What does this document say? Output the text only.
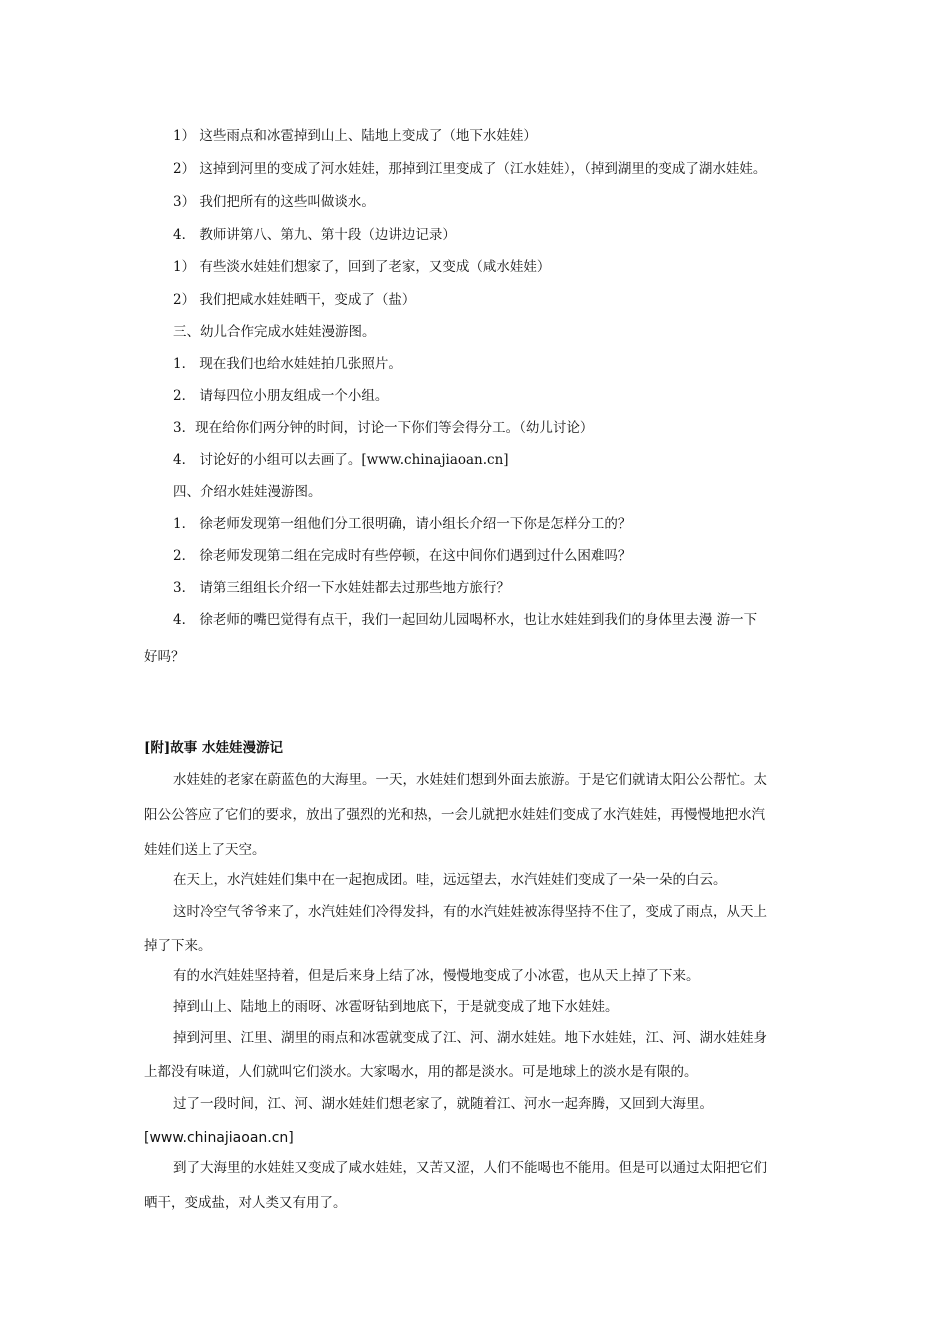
1） 这些雨点和冰雹掉到山上、陆地上变成了（地下水娃娃）
2） 这掉到河里的变成了河水娃娃，那掉到江里变成了（江水娃娃），（掉到湖里的变成了湖水娃娃。
3） 我们把所有的这些叫做谈水。
4． 教师讲第八、第九、第十段（边讲边记录）
1） 有些淡水娃娃们想家了，回到了老家，又变成（咸水娃娃）
2） 我们把咸水娃娃晒干，变成了（盐）
三、幼儿合作完成水娃娃漫游图。
1． 现在我们也给水娃娃拍几张照片。
2． 请每四位小朋友组成一个小组。
3．现在给你们两分钟的时间，讨论一下你们等会得分工。（幼儿讨论）
4． 讨论好的小组可以去画了。[www.chinajiaoan.cn]
四、介绍水娃娃漫游图。
1． 徐老师发现第一组他们分工很明确，请小组长介绍一下你是怎样分工的？
2． 徐老师发现第二组在完成时有些停顿，在这中间你们遇到过什么困难吗？
3． 请第三组组长介绍一下水娃娃都去过那些地方旅行？
4． 徐老师的嘴巴觉得有点干，我们一起回幼儿园喝杯水，也让水娃娃到我们的身体里去漫 游一下
好吗？
[附]故事 水娃娃漫游记
水娃娃的老家在蔚蓝色的大海里。一天，水娃娃们想到外面去旅游。于是它们就请太阳公公帮忙。太
阳公公答应了它们的要求，放出了强烈的光和热，一会儿就把水娃娃们变成了水汽娃娃，再慢慢地把水汽
娃娃们送上了天空。
在天上，水汽娃娃们集中在一起抱成团。哇，远远望去，水汽娃娃们变成了一朵一朵的白云。
这时冷空气爷爷来了，水汽娃娃们冷得发抖，有的水汽娃娃被冻得坚持不住了，变成了雨点，从天上
掉了下来。
有的水汽娃娃坚持着，但是后来身上结了冰，慢慢地变成了小冰雹，也从天上掉了下来。
掉到山上、陆地上的雨呀、冰雹呀钻到地底下，于是就变成了地下水娃娃。
掉到河里、江里、湖里的雨点和冰雹就变成了江、河、湖水娃娃。地下水娃娃，江、河、湖水娃娃身
上都没有味道，人们就叫它们淡水。大家喝水，用的都是淡水。可是地球上的淡水是有限的。
过了一段时间，江、河、湖水娃娃们想老家了，就随着江、河水一起奔腾，又回到大海里。
[www.chinajiaoan.cn]
到了大海里的水娃娃又变成了咸水娃娃，又苦又涩，人们不能喝也不能用。但是可以通过太阳把它们
晒干，变成盐，对人类又有用了。
